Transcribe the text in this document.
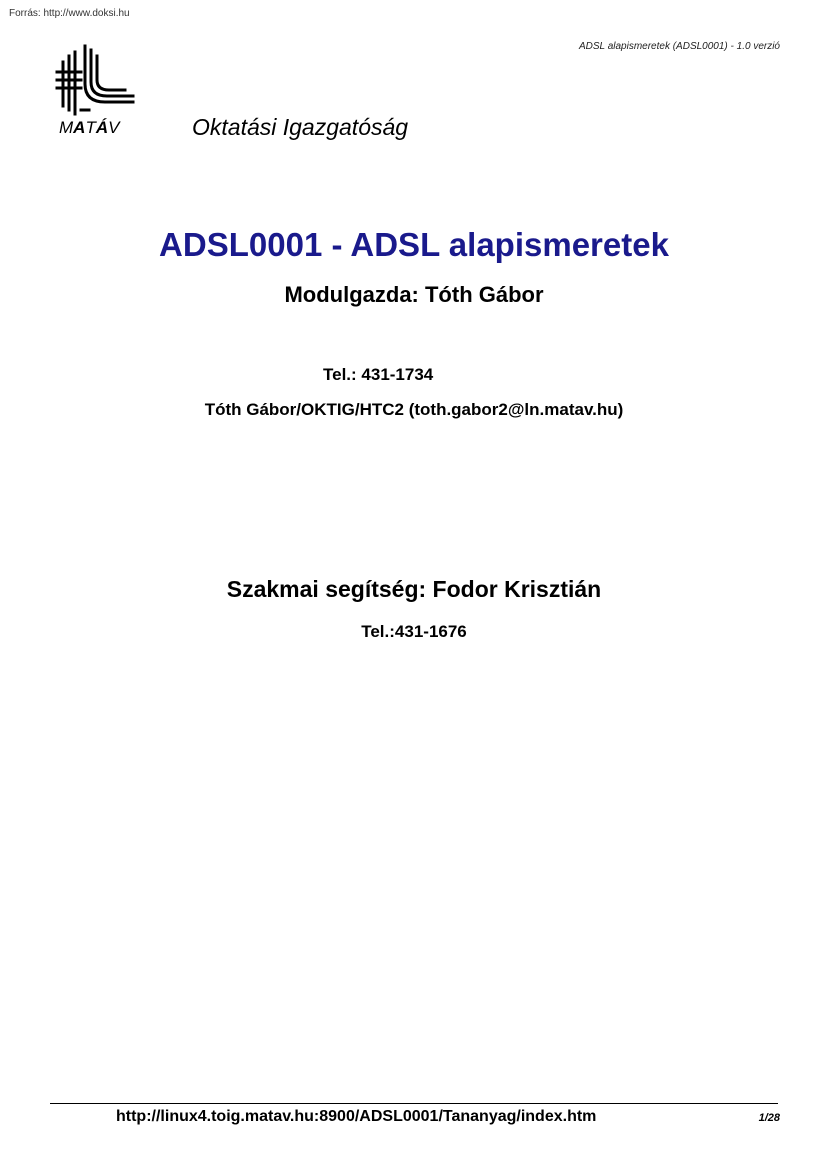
Forrás: http://www.doksi.hu
ADSL alapismeretek (ADSL0001) - 1.0 verzió
MATÁV	Oktatási Igazgatóság
ADSL0001 - ADSL alapismeretek
Modulgazda: Tóth Gábor
Tel.: 431-1734
Tóth Gábor/OKTIG/HTC2 (toth.gabor2@ln.matav.hu)
Szakmai segítség: Fodor Krisztián
Tel.:431-1676
http://linux4.toig.matav.hu:8900/ADSL0001/Tananyag/index.htm	1/28
